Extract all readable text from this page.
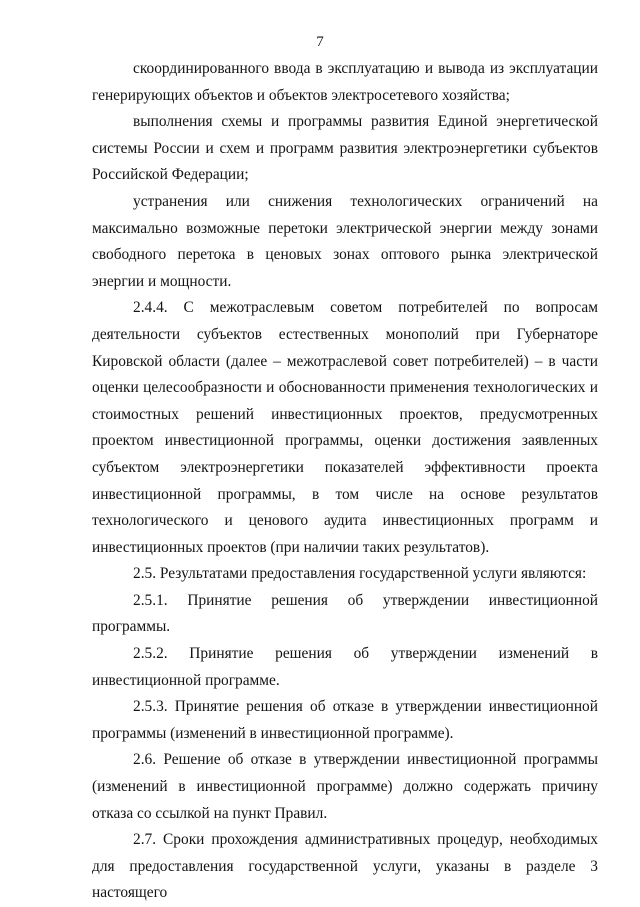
7

скоординированного ввода в эксплуатацию и вывода из эксплуатации генерирующих объектов и объектов электросетевого хозяйства;

выполнения схемы и программы развития Единой энергетической системы России и схем и программ развития электроэнергетики субъектов Российской Федерации;

устранения или снижения технологических ограничений на максимально возможные перетоки электрической энергии между зонами свободного перетока в ценовых зонах оптового рынка электрической энергии и мощности.

2.4.4. С межотраслевым советом потребителей по вопросам деятельности субъектов естественных монополий при Губернаторе Кировской области (далее – межотраслевой совет потребителей) – в части оценки целесообразности и обоснованности применения технологических и стоимостных решений инвестиционных проектов, предусмотренных проектом инвестиционной программы, оценки достижения заявленных субъектом электроэнергетики показателей эффективности проекта инвестиционной программы, в том числе на основе результатов технологического и ценового аудита инвестиционных программ и инвестиционных проектов (при наличии таких результатов).

2.5. Результатами предоставления государственной услуги являются:

2.5.1. Принятие решения об утверждении инвестиционной программы.

2.5.2. Принятие решения об утверждении изменений в инвестиционной программе.

2.5.3. Принятие решения об отказе в утверждении инвестиционной программы (изменений в инвестиционной программе).

2.6. Решение об отказе в утверждении инвестиционной программы (изменений в инвестиционной программе) должно содержать причину отказа со ссылкой на пункт Правил.

2.7. Сроки прохождения административных процедур, необходимых для предоставления государственной услуги, указаны в разделе 3 настоящего
